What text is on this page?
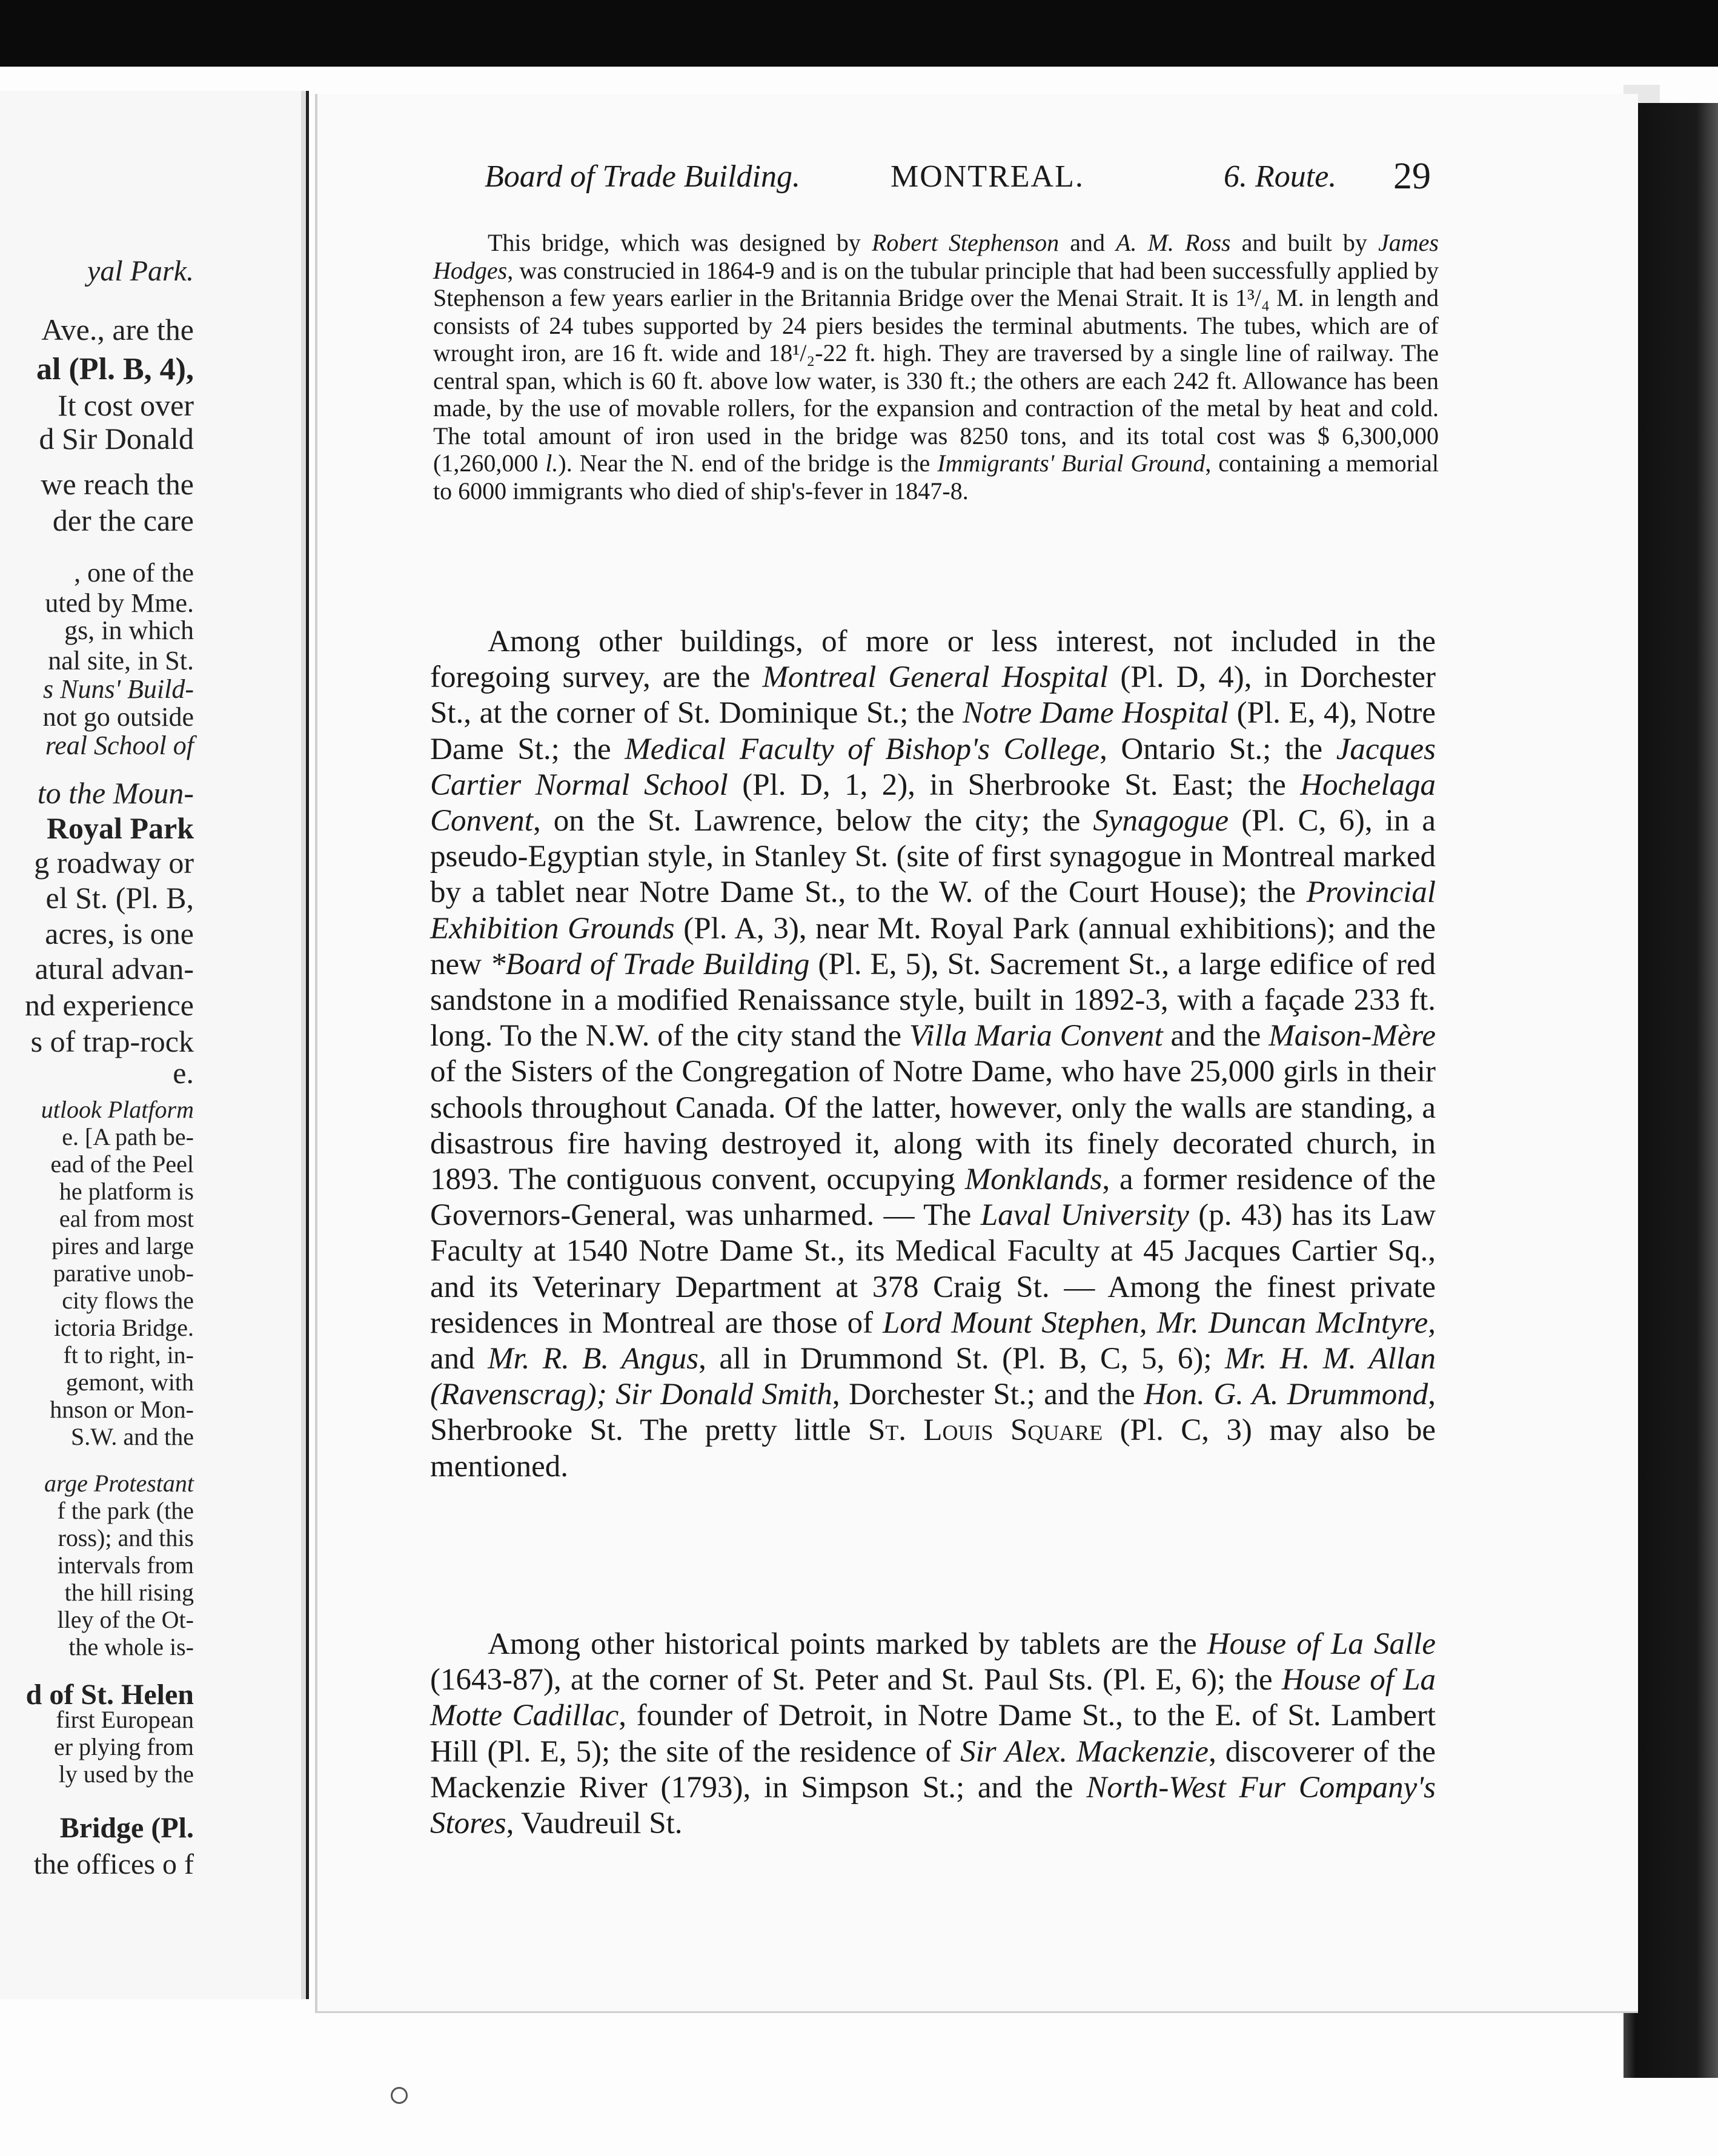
yal Park.
Ave., are the
al (Pl. B, 4),
It cost over
d Sir Donald
we reach the
der the care
, one of the
uted by Mme.
gs, in which
nal site, in St.
s Nuns' Build-
not go outside
real School of
to the Moun-
Royal Park
g roadway or
el St. (Pl. B,
acres, is one
atural advan-
nd experience
s of trap-rock
e.
utlook Platform
e. [A path be-
ead of the Peel
he platform is
eal from most
pires and large
parative unob-
city flows the
ictoria Bridge.
ft to right, in-
gemont, with
hnson or Mon-
S.W. and the
arge Protestant
f the park (the
ross); and this
intervals from
the hill rising
lley of the Ot-
the whole is-
d of St. Helen
first European
er plying from
ly used by the
Bridge (Pl.
the offices o f
Board of Trade Building.	MONTREAL.	6. Route. 29
This bridge, which was designed by Robert Stephenson and A. M. Ross and built by James Hodges, was construcied in 1864-9 and is on the tubular principle that had been successfully applied by Stephenson a few years earlier in the Britannia Bridge over the Menai Strait. It is 1³/₄ M. in length and consists of 24 tubes supported by 24 piers besides the terminal abutments. The tubes, which are of wrought iron, are 16 ft. wide and 18¹/₂-22 ft. high. They are traversed by a single line of railway. The central span, which is 60 ft. above low water, is 330 ft.; the others are each 242 ft. Allowance has been made, by the use of movable rollers, for the expansion and contraction of the metal by heat and cold. The total amount of iron used in the bridge was 8250 tons, and its total cost was $ 6,300,000 (1,260,000 l.). Near the N. end of the bridge is the Immigrants' Burial Ground, containing a memorial to 6000 immigrants who died of ship's-fever in 1847-8.
Among other buildings, of more or less interest, not included in the foregoing survey, are the Montreal General Hospital (Pl. D, 4), in Dorchester St., at the corner of St. Dominique St.; the Notre Dame Hospital (Pl. E, 4), Notre Dame St.; the Medical Faculty of Bishop's College, Ontario St.; the Jacques Cartier Normal School (Pl. D, 1, 2), in Sherbrooke St. East; the Hochelaga Convent, on the St. Lawrence, below the city; the Synagogue (Pl. C, 6), in a pseudo-Egyptian style, in Stanley St. (site of first synagogue in Montreal marked by a tablet near Notre Dame St., to the W. of the Court House); the Provincial Exhibition Grounds (Pl. A, 3), near Mt. Royal Park (annual exhibitions); and the new *Board of Trade Building (Pl. E, 5), St. Sacrement St., a large edifice of red sandstone in a modified Renaissance style, built in 1892-3, with a façade 233 ft. long. To the N.W. of the city stand the Villa Maria Convent and the Maison-Mère of the Sisters of the Congregation of Notre Dame, who have 25,000 girls in their schools throughout Canada. Of the latter, however, only the walls are standing, a disastrous fire having destroyed it, along with its finely decorated church, in 1893. The contiguous convent, occupying Monklands, a former residence of the Governors-General, was unharmed. — The Laval University (p. 43) has its Law Faculty at 1540 Notre Dame St., its Medical Faculty at 45 Jacques Cartier Sq., and its Veterinary Department at 378 Craig St. — Among the finest private residences in Montreal are those of Lord Mount Stephen, Mr. Duncan McIntyre, and Mr. R. B. Angus, all in Drummond St. (Pl. B, C, 5, 6); Mr. H. M. Allan (Ravenscrag); Sir Donald Smith, Dorchester St.; and the Hon. G. A. Drummond, Sherbrooke St. The pretty little St. Louis Square (Pl. C, 3) may also be mentioned.
Among other historical points marked by tablets are the House of La Salle (1643-87), at the corner of St. Peter and St. Paul Sts. (Pl. E, 6); the House of La Motte Cadillac, founder of Detroit, in Notre Dame St., to the E. of St. Lambert Hill (Pl. E, 5); the site of the residence of Sir Alex. Mackenzie, discoverer of the Mackenzie River (1793), in Simpson St.; and the North-West Fur Company's Stores, Vaudreuil St.
